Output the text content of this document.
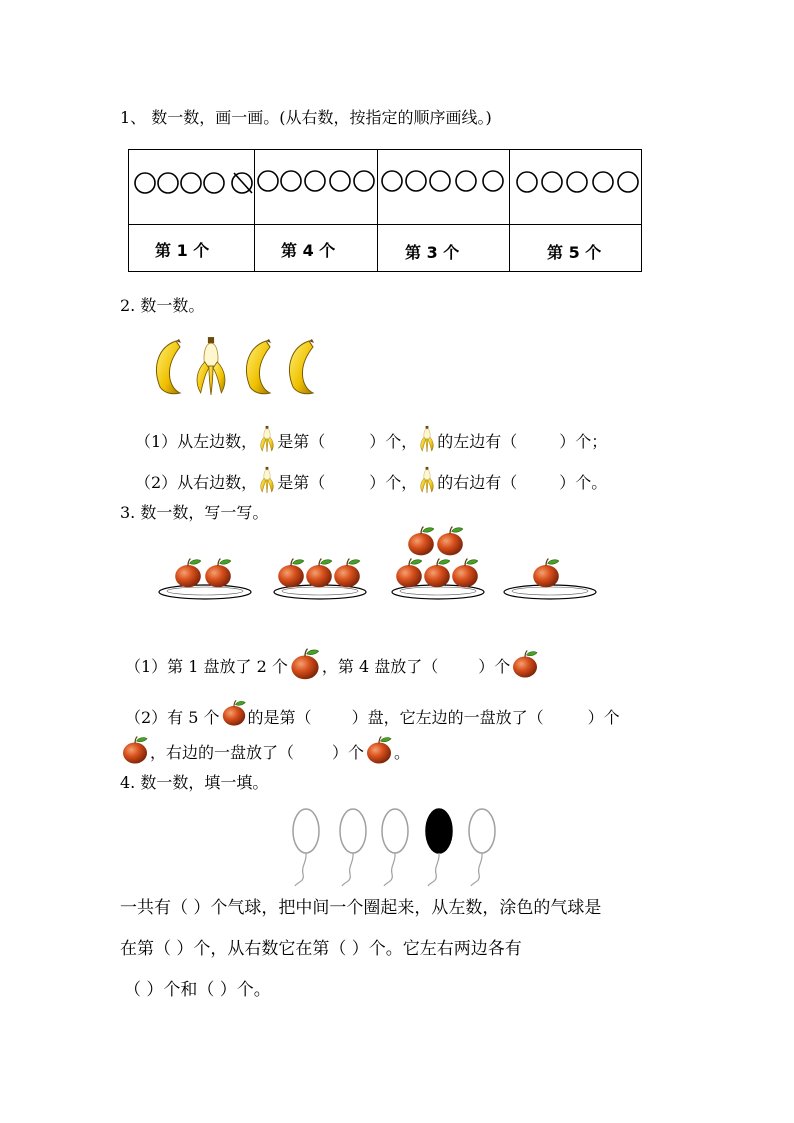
1、 数一数，画一画。(从右数，按指定的顺序画线。)
第 1 个	第 4 个	第 3 个	第 5 个
2. 数一数。
（1）从左边数， 是第（	）个， 的左边有（	）个；
（2）从右边数， 是第（	）个， 的右边有（	）个。
3. 数一数，写一写。
（1）第 1 盘放了 2 个 ，第 4 盘放了（	）个
（2）有 5 个 的是第（	）盘，它左边的一盘放了（	）个
，右边的一盘放了（ ）个 。
4. 数一数，填一填。
一共有（ ）个气球，把中间一个圈起来，从左数，涂色的气球是
在第（ ）个，从右数它在第（ ）个。它左右两边各有
（ ）个和（ ）个。
